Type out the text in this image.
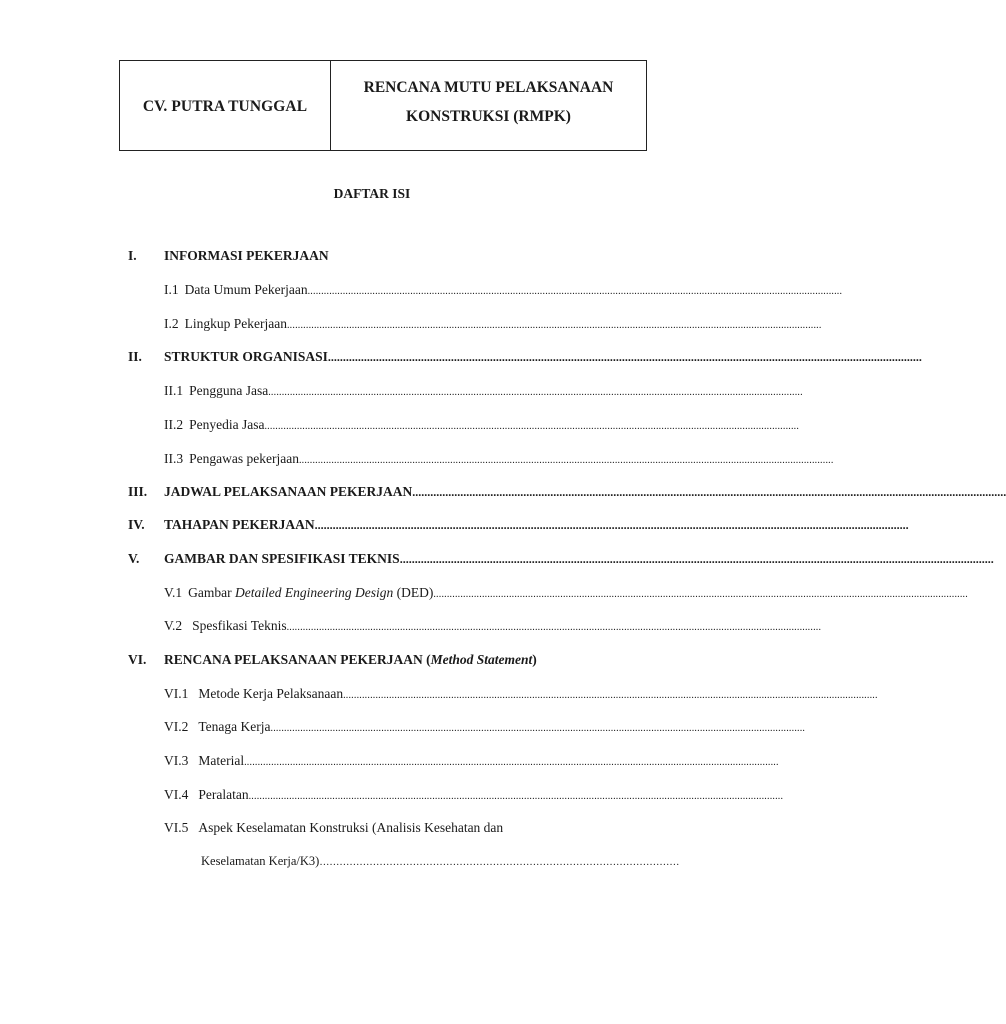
CV. PUTRA TUNGGAL
RENCANA MUTU PELAKSANAAN
KONSTRUKSI (RMPK)
DAFTAR ISI
I.	INFORMASI PEKERJAAN
I.1 Data Umum Pekerjaan ......................................................................................................................................................................................................
I.2 Lingkup Pekerjaan ......................................................................................................................................................................................................
II.	STRUKTUR ORGANISASI ......................................................................................................................................................................................................
II.1 Pengguna Jasa ......................................................................................................................................................................................................
II.2 Penyedia Jasa ......................................................................................................................................................................................................
II.3 Pengawas pekerjaan ......................................................................................................................................................................................................
III.	JADWAL PELAKSANAAN PEKERJAAN ......................................................................................................................................................................................................
IV.	TAHAPAN PEKERJAAN ......................................................................................................................................................................................................
V.	GAMBAR DAN SPESIFIKASI TEKNIS ......................................................................................................................................................................................................
V.1 Gambar Detailed Engineering Design (DED) ......................................................................................................................................................................................................
V.2 Spesfikasi Teknis ......................................................................................................................................................................................................
VI.	RENCANA PELAKSANAAN PEKERJAAN (Method Statement)
VI.1 Metode Kerja Pelaksanaan ......................................................................................................................................................................................................
VI.2 Tenaga Kerja ......................................................................................................................................................................................................
VI.3 Material ......................................................................................................................................................................................................
VI.4 Peralatan ......................................................................................................................................................................................................
VI.5 Aspek Keselamatan Konstruksi (Analisis Kesehatan dan
Keselamatan Kerja/K3) ………………………………………………………………………………………………
